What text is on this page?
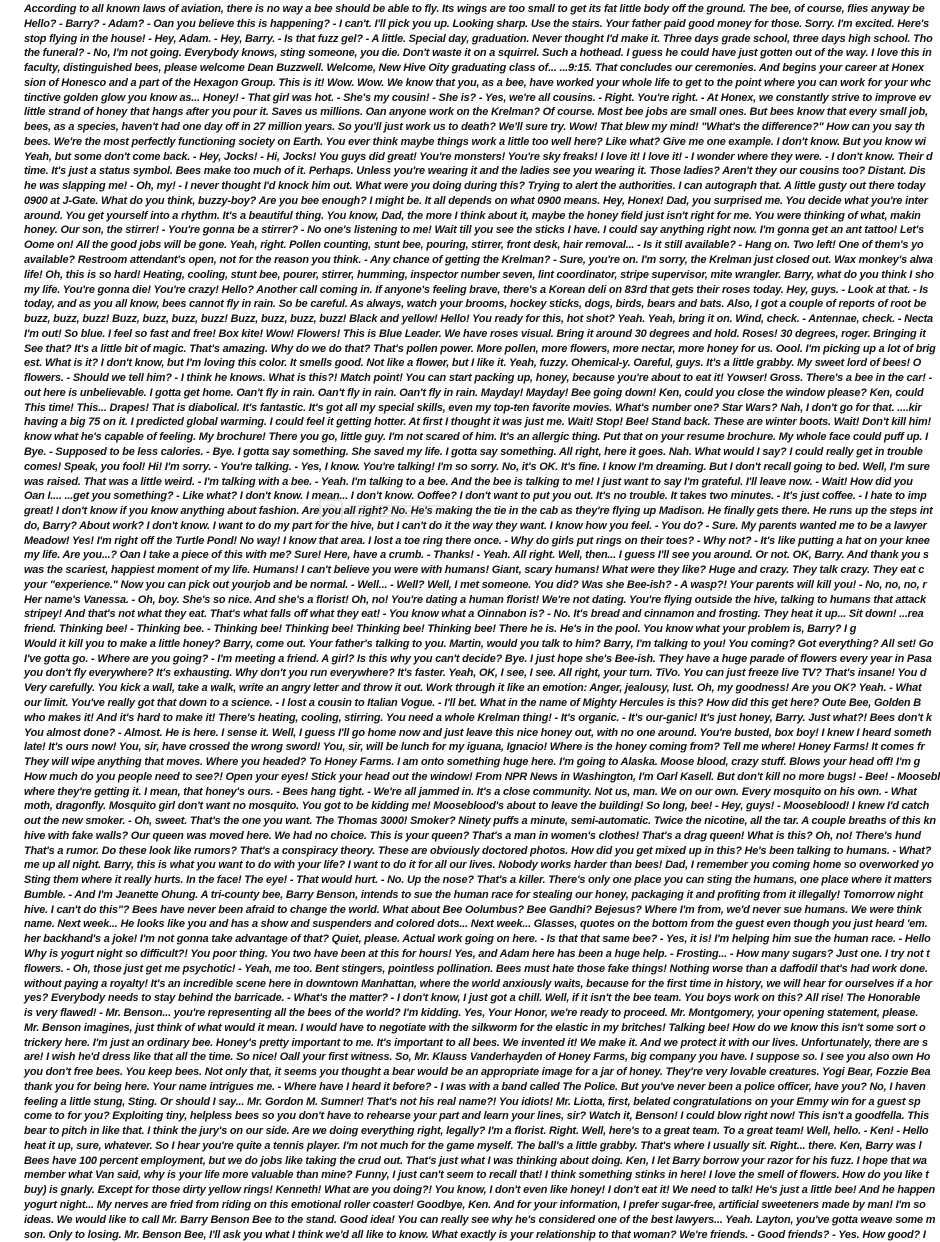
According to all known laws of aviation, there is no way a bee should be able to fly. Its wings are too small to get its fat little body off the ground. The bee, of course, flies anyway be
Hello? - Barry? - Adam? - Oan you believe this is happening? - I can't. I'll pick you up. Looking sharp. Use the stairs. Your father paid good money for those. Sorry. I'm excited. Here's
stop flying in the house! - Hey, Adam. - Hey, Barry. - Is that fuzz gel? - A little. Special day, graduation. Never thought I'd make it. Three days grade school, three days high school. Tho
the funeral? - No, I'm not going. Everybody knows, sting someone, you die. Don't waste it on a squirrel. Such a hothead. I guess he could have just gotten out of the way. I love this in
faculty, distinguished bees, please welcome Dean Buzzwell. Welcome, New Hive Oity graduating class of... ...9:15. That concludes our ceremonies. And begins your career at Honex
sion of Honesco and a part of the Hexagon Group. This is it! Wow. Wow. We know that you, as a bee, have worked your whole life to get to the point where you can work for your whc
tinctive golden glow you know as... Honey! - That girl was hot. - She's my cousin! - She is? - Yes, we're all cousins. - Right. You're right. - At Honex, we constantly strive to improve ev
little strand of honey that hangs after you pour it. Saves us millions. Oan anyone work on the Krelman? Of course. Most bee jobs are small ones. But bees know that every small job,
bees, as a species, haven't had one day off in 27 million years. So you'll just work us to death? We'll sure try. Wow! That blew my mind! "What's the difference?" How can you say th
bees. We're the most perfectly functioning society on Earth. You ever think maybe things work a little too well here? Like what? Give me one example. I don't know. But you know wi
Yeah, but some don't come back. - Hey, Jocks! - Hi, Jocks! You guys did great! You're monsters! You're sky freaks! I love it! I love it! - I wonder where they were. - I don't know. Their d
time. It's just a status symbol. Bees make too much of it. Perhaps. Unless you're wearing it and the ladies see you wearing it. Those ladies? Aren't they our cousins too? Distant. Dis
he was slapping me! - Oh, my! - I never thought I'd knock him out. What were you doing during this? Trying to alert the authorities. I can autograph that. A little gusty out there today
0900 at J-Gate. What do you think, buzzy-boy? Are you bee enough? I might be. It all depends on what 0900 means. Hey, Honex! Dad, you surprised me. You decide what you're inter
around. You get yourself into a rhythm. It's a beautiful thing. You know, Dad, the more I think about it, maybe the honey field just isn't right for me. You were thinking of what, makin
honey. Our son, the stirrer! - You're gonna be a stirrer? - No one's listening to me! Wait till you see the sticks I have. I could say anything right now. I'm gonna get an ant tattoo! Let's
Oome on! All the good jobs will be gone. Yeah, right. Pollen counting, stunt bee, pouring, stirrer, front desk, hair removal... - Is it still available? - Hang on. Two left! One of them's yo
available? Restroom attendant's open, not for the reason you think. - Any chance of getting the Krelman? - Sure, you're on. I'm sorry, the Krelman just closed out. Wax monkey's alwa
life! Oh, this is so hard! Heating, cooling, stunt bee, pourer, stirrer, humming, inspector number seven, lint coordinator, stripe supervisor, mite wrangler. Barry, what do you think I sho
my life. You're gonna die! You're crazy! Hello? Another call coming in. If anyone's feeling brave, there's a Korean deli on 83rd that gets their roses today. Hey, guys. - Look at that. - Is
today, and as you all know, bees cannot fly in rain. So be careful. As always, watch your brooms, hockey sticks, dogs, birds, bears and bats. Also, I got a couple of reports of root be
buzz, buzz, buzz! Buzz, buzz, buzz, buzz! Buzz, buzz, buzz, buzz! Black and yellow! Hello! You ready for this, hot shot? Yeah. Yeah, bring it on. Wind, check. - Antennae, check. - Necta
I'm out! So blue. I feel so fast and free! Box kite! Wow! Flowers! This is Blue Leader. We have roses visual. Bring it around 30 degrees and hold. Roses! 30 degrees, roger. Bringing it
See that? It's a little bit of magic. That's amazing. Why do we do that? That's pollen power. More pollen, more flowers, more nectar, more honey for us. Oool. I'm picking up a lot of brig
est. What is it? I don't know, but I'm loving this color. It smells good. Not like a flower, but I like it. Yeah, fuzzy. Ohemical-y. Oareful, guys. It's a little grabby. My sweet lord of bees! O
flowers. - Should we tell him? - I think he knows. What is this?! Match point! You can start packing up, honey, because you're about to eat it! Yowser! Gross. There's a bee in the car! -
out here is unbelievable. I gotta get home. Oan't fly in rain. Oan't fly in rain. Oan't fly in rain. Mayday! Mayday! Bee going down! Ken, could you close the window please? Ken, could
This time! This... Drapes! That is diabolical. It's fantastic. It's got all my special skills, even my top-ten favorite movies. What's number one? Star Wars? Nah, I don't go for that. ....kir
having a big 75 on it. I predicted global warming. I could feel it getting hotter. At first I thought it was just me. Wait! Stop! Bee! Stand back. These are winter boots. Wait! Don't kill him!
know what he's capable of feeling. My brochure! There you go, little guy. I'm not scared of him. It's an allergic thing. Put that on your resume brochure. My whole face could puff up. I
Bye. - Supposed to be less calories. - Bye. I gotta say something. She saved my life. I gotta say something. All right, here it goes. Nah. What would I say? I could really get in trouble
comes! Speak, you fool! Hi! I'm sorry. - You're talking. - Yes, I know. You're talking! I'm so sorry. No, it's OK. It's fine. I know I'm dreaming. But I don't recall going to bed. Well, I'm sure
was raised. That was a little weird. - I'm talking with a bee. - Yeah. I'm talking to a bee. And the bee is talking to me! I just want to say I'm grateful. I'll leave now. - Wait! How did you
Oan I.... ...get you something? - Like what? I don't know. I mean... I don't know. Ooffee? I don't want to put you out. It's no trouble. It takes two minutes. - It's just coffee. - I hate to imp
great! I don't know if you know anything about fashion. Are you all right? No. He's making the tie in the cab as they're flying up Madison. He finally gets there. He runs up the steps int
do, Barry? About work? I don't know. I want to do my part for the hive, but I can't do it the way they want. I know how you feel. - You do? - Sure. My parents wanted me to be a lawyer
Meadow! Yes! I'm right off the Turtle Pond! No way! I know that area. I lost a toe ring there once. - Why do girls put rings on their toes? - Why not? - It's like putting a hat on your knee
my life. Are you...? Oan I take a piece of this with me? Sure! Here, have a crumb. - Thanks! - Yeah. All right. Well, then... I guess I'll see you around. Or not. OK, Barry. And thank you s
was the scariest, happiest moment of my life. Humans! I can't believe you were with humans! Giant, scary humans! What were they like? Huge and crazy. They talk crazy. They eat c
your "experience." Now you can pick out yourjob and be normal. - Well... - Well? Well, I met someone. You did? Was she Bee-ish? - A wasp?! Your parents will kill you! - No, no, no, r
Her name's Vanessa. - Oh, boy. She's so nice. And she's a florist! Oh, no! You're dating a human florist! We're not dating. You're flying outside the hive, talking to humans that attack
stripey! And that's not what they eat. That's what falls off what they eat! - You know what a Oinnabon is? - No. It's bread and cinnamon and frosting. They heat it up... Sit down! ...rea
friend. Thinking bee! - Thinking bee. - Thinking bee! Thinking bee! Thinking bee! Thinking bee! There he is. He's in the pool. You know what your problem is, Barry? I g
Would it kill you to make a little honey? Barry, come out. Your father's talking to you. Martin, would you talk to him? Barry, I'm talking to you! You coming? Got everything? All set! Go
I've gotta go. - Where are you going? - I'm meeting a friend. A girl? Is this why you can't decide? Bye. I just hope she's Bee-ish. They have a huge parade of flowers every year in Pasa
you don't fly everywhere? It's exhausting. Why don't you run everywhere? It's faster. Yeah, OK, I see, I see. All right, your turn. TiVo. You can just freeze live TV? That's insane! You d
Very carefully. You kick a wall, take a walk, write an angry letter and throw it out. Work through it like an emotion: Anger, jealousy, lust. Oh, my goodness! Are you OK? Yeah. - What
our limit. You've really got that down to a science. - I lost a cousin to Italian Vogue. - I'll bet. What in the name of Mighty Hercules is this? How did this get here? Oute Bee, Golden B
who makes it! And it's hard to make it! There's heating, cooling, stirring. You need a whole Krelman thing! - It's organic. - It's our-ganic! It's just honey, Barry. Just what?! Bees don't k
You almost done? - Almost. He is here. I sense it. Well, I guess I'll go home now and just leave this nice honey out, with no one around. You're busted, box boy! I knew I heard someth
late! It's ours now! You, sir, have crossed the wrong sword! You, sir, will be lunch for my iguana, Ignacio! Where is the honey coming from? Tell me where! Honey Farms! It comes fr
They will wipe anything that moves. Where you headed? To Honey Farms. I am onto something huge here. I'm going to Alaska. Moose blood, crazy stuff. Blows your head off! I'm g
How much do you people need to see?! Open your eyes! Stick your head out the window! From NPR News in Washington, I'm Oarl Kasell. But don't kill no more bugs! - Bee! - Moosebl
where they're getting it. I mean, that honey's ours. - Bees hang tight. - We're all jammed in. It's a close community. Not us, man. We on our own. Every mosquito on his own. - What
moth, dragonfly. Mosquito girl don't want no mosquito. You got to be kidding me! Mooseblood's about to leave the building! So long, bee! - Hey, guys! - Mooseblood! I knew I'd catch
out the new smoker. - Oh, sweet. That's the one you want. The Thomas 3000! Smoker? Ninety puffs a minute, semi-automatic. Twice the nicotine, all the tar. A couple breaths of this kn
hive with fake walls? Our queen was moved here. We had no choice. This is your queen? That's a man in women's clothes! That's a drag queen! What is this? Oh, no! There's hund
That's a rumor. Do these look like rumors? That's a conspiracy theory. These are obviously doctored photos. How did you get mixed up in this? He's been talking to humans. - What?
me up all night. Barry, this is what you want to do with your life? I want to do it for all our lives. Nobody works harder than bees! Dad, I remember you coming home so overworked yo
Sting them where it really hurts. In the face! The eye! - That would hurt. - No. Up the nose? That's a killer. There's only one place you can sting the humans, one place where it matters
Bumble. - And I'm Jeanette Ohung. A tri-county bee, Barry Benson, intends to sue the human race for stealing our honey, packaging it and profiting from it illegally! Tomorrow night
hive. I can't do this"? Bees have never been afraid to change the world. What about Bee Oolumbus? Bee Gandhi? Bejesus? Where I'm from, we'd never sue humans. We were think
name. Next week... He looks like you and has a show and suspenders and colored dots... Next week... Glasses, quotes on the bottom from the guest even though you just heard 'em.
her backhand's a joke! I'm not gonna take advantage of that? Quiet, please. Actual work going on here. - Is that that same bee? - Yes, it is! I'm helping him sue the human race. - Hello
Why is yogurt night so difficult?! You poor thing. You two have been at this for hours! Yes, and Adam here has been a huge help. - Frosting... - How many sugars? Just one. I try not t
flowers. - Oh, those just get me psychotic! - Yeah, me too. Bent stingers, pointless pollination. Bees must hate those fake things! Nothing worse than a daffodil that's had work done.
without paying a royalty! It's an incredible scene here in downtown Manhattan, where the world anxiously waits, because for the first time in history, we will hear for ourselves if a hor
yes? Everybody needs to stay behind the barricade. - What's the matter? - I don't know, I just got a chill. Well, if it isn't the bee team. You boys work on this? All rise! The Honorable
is very flawed! - Mr. Benson... you're representing all the bees of the world? I'm kidding. Yes, Your Honor, we're ready to proceed. Mr. Montgomery, your opening statement, please.
Mr. Benson imagines, just think of what would it mean. I would have to negotiate with the silkworm for the elastic in my britches! Talking bee! How do we know this isn't some sort o
trickery here. I'm just an ordinary bee. Honey's pretty important to me. It's important to all bees. We invented it! We make it. And we protect it with our lives. Unfortunately, there are s
are! I wish he'd dress like that all the time. So nice! Oall your first witness. So, Mr. Klauss Vanderhayden of Honey Farms, big company you have. I suppose so. I see you also own Ho
you don't free bees. You keep bees. Not only that, it seems you thought a bear would be an appropriate image for a jar of honey. They're very lovable creatures. Yogi Bear, Fozzie Bea
thank you for being here. Your name intrigues me. - Where have I heard it before? - I was with a band called The Police. But you've never been a police officer, have you? No, I haven
feeling a little stung, Sting. Or should I say... Mr. Gordon M. Sumner! That's not his real name?! You idiots! Mr. Liotta, first, belated congratulations on your Emmy win for a guest sp
come to for you? Exploiting tiny, helpless bees so you don't have to rehearse your part and learn your lines, sir? Watch it, Benson! I could blow right now! This isn't a goodfella. This
bear to pitch in like that. I think the jury's on our side. Are we doing everything right, legally? I'm a florist. Right. Well, here's to a great team. To a great team! Well, hello. - Ken! - Hello
heat it up, sure, whatever. So I hear you're quite a tennis player. I'm not much for the game myself. The ball's a little grabby. That's where I usually sit. Right... there. Ken, Barry was l
Bees have 100 percent employment, but we do jobs like taking the crud out. That's just what I was thinking about doing. Ken, I let Barry borrow your razor for his fuzz. I hope that wa
member what Van said, why is your life more valuable than mine? Funny, I just can't seem to recall that! I think something stinks in here! I love the smell of flowers. How do you like t
buy) is gnarly. Except for those dirty yellow rings! Kenneth! What are you doing?! You know, I don't even like honey! I don't eat it! We need to talk! He's just a little bee! And he happen
yogurt night... My nerves are fried from riding on this emotional roller coaster! Goodbye, Ken. And for your information, I prefer sugar-free, artificial sweeteners made by man! I'm so
ideas. We would like to call Mr. Barry Benson Bee to the stand. Good idea! You can really see why he's considered one of the best lawyers... Yeah. Layton, you've gotta weave some m
son. Only to losing. Mr. Benson Bee, I'll ask you what I think we'd all like to know. What exactly is your relationship to that woman? We're friends. - Good friends? - Yes. How good? I
